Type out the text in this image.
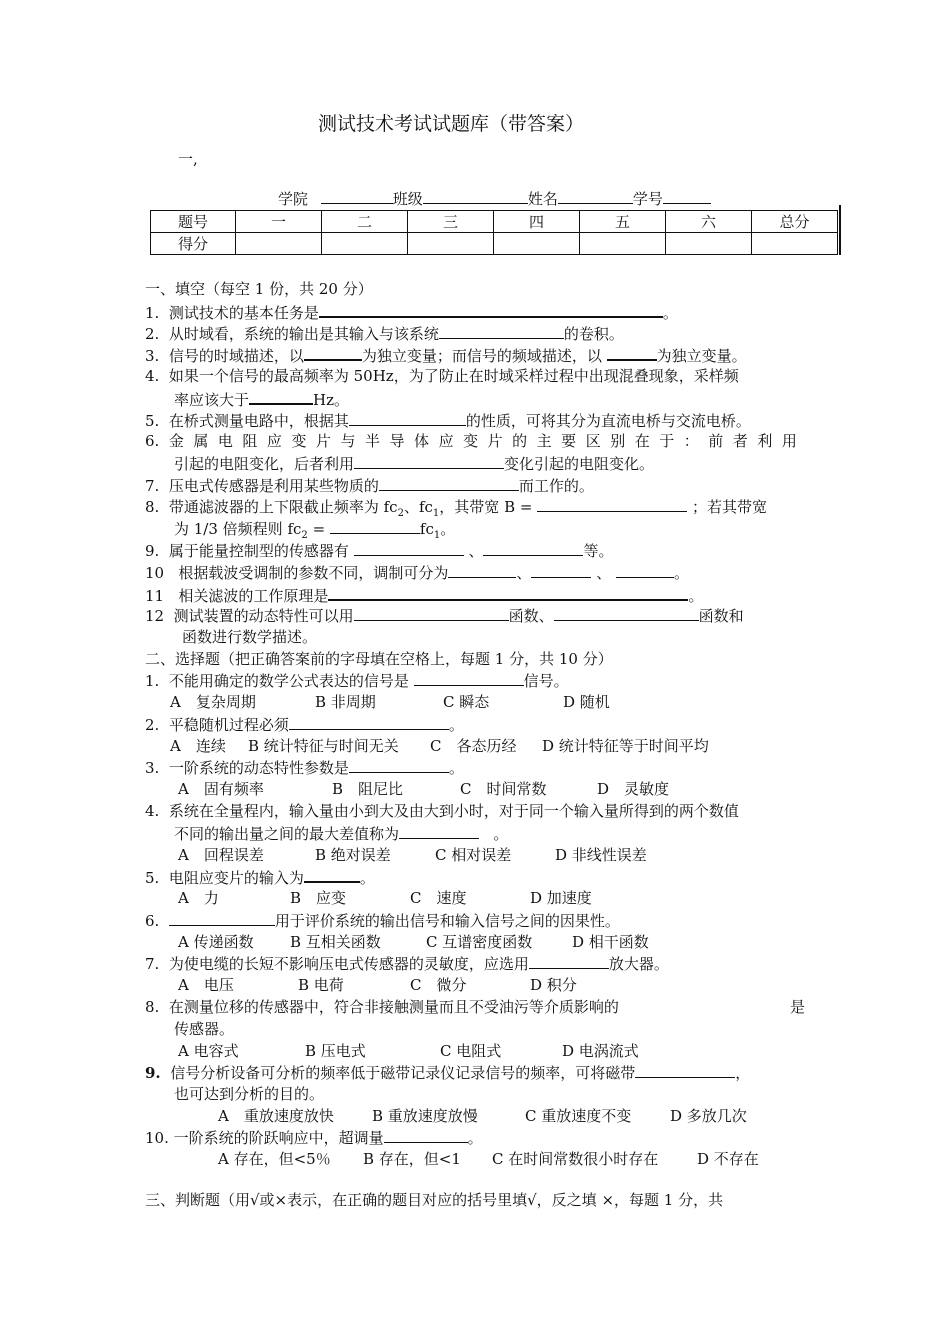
测试技术考试试题库（带答案）
一,
学院	班级	姓名	学号
题号	一	二	三	四	五	六	总分
得分							
一、填空（每空 1 份，共 20 分）
1. 测试技术的基本任务是	。
2. 从时域看，系统的输出是其输入与该系统	的卷积。
3. 信号的时域描述，以	为独立变量；而信号的频域描述，以	为独立变量。
4. 如果一个信号的最高频率为 50Hz，为了防止在时域采样过程中出现混叠现象，采样频
率应该大于	Hz。
5. 在桥式测量电路中，根据其	的性质，可将其分为直流电桥与交流电桥。
6. 金属电阻应变片与半导体应变片的主要区别在于：前者利用
引起的电阻变化，后者利用	变化引起的电阻变化。
7. 压电式传感器是利用某些物质的	而工作的。
8. 带通滤波器的上下限截止频率为 $fc_2$、$fc_1$，其带宽 B =	；若其带宽
为 1/3 倍频程则 $fc_2$ =	$fc_1$。
9. 属于能量控制型的传感器有	、	等。
10 根据载波受调制的参数不同，调制可分为	、	、	。
11 相关滤波的工作原理是	。
12 测试装置的动态特性可以用	函数、	函数和
函数进行数学描述。
二、选择题（把正确答案前的字母填在空格上，每题 1 分，共 10 分）
1. 不能用确定的数学公式表达的信号是	信号。
A　复杂周期	B 非周期	C 瞬态	D 随机
2. 平稳随机过程必须	。
A　连续 B 统计特征与时间无关 C　各态历经 D 统计特征等于时间平均
3. 一阶系统的动态特性参数是	。
A　固有频率	B　阻尼比	C　时间常数	D　灵敏度
4. 系统在全量程内，输入量由小到大及由大到小时，对于同一个输入量所得到的两个数值
不同的输出量之间的最大差值称为	。
A　回程误差	B 绝对误差	C 相对误差	D 非线性误差
5. 电阻应变片的输入为	。
A　力	B　应变	C　速度	D 加速度
6.	用于评价系统的输出信号和输入信号之间的因果性。
A 传递函数 B 互相关函数	C 互谱密度函数	D 相干函数
7. 为使电缆的长短不影响压电式传感器的灵敏度，应选用	放大器。
A　电压	B 电荷	C　微分	D 积分
8. 在测量位移的传感器中，符合非接触测量而且不受油污等介质影响的	是
传感器。
A 电容式	B 压电式	C 电阻式	D 电涡流式
9. 信号分析设备可分析的频率低于磁带记录仪记录信号的频率，可将磁带	，
也可达到分析的目的。
A　重放速度放快	B 重放速度放慢	C 重放速度不变	D 多放几次
10. 一阶系统的阶跃响应中，超调量	。
A 存在，但<5％ B 存在，但<1 C 在时间常数很小时存在	D 不存在
三、判断题（用√或×表示，在正确的题目对应的括号里填√，反之填 ×，每题 1 分，共
